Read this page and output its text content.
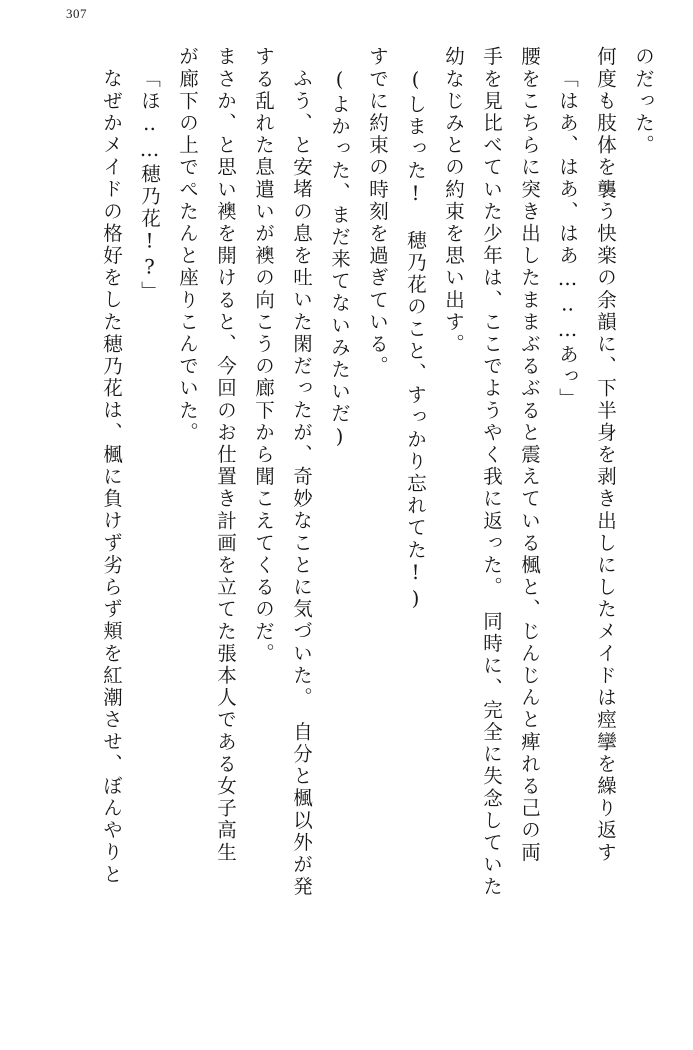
307
のだった。
何度も肢体を襲う快楽の余韻に、下半身を剥き出しにしたメイドは痙攣を繰り返す
「はあ、はあ、はあ…‥…あっ」
腰をこちらに突き出したままぶるぶると震えている楓と、じんじんと痺れる己の両
手を見比べていた少年は、ここでようやく我に返った。　同時に、完全に失念していた
幼なじみとの約束を思い出す。
(しまった!　穂乃花のこと、すっかり忘れてた!)
すでに約束の時刻を過ぎている。
(よかった、まだ来てないみたいだ)
ふう、と安堵の息を吐いた閑だったが、奇妙なことに気づいた。　自分と楓以外が発
する乱れた息遣いが襖の向こうの廊下から聞こえてくるのだ。
まさか、と思い襖を開けると、今回のお仕置き計画を立てた張本人である女子高生
が廊下の上でぺたんと座りこんでいた。
「ほ‥…穂乃花!?」
なぜかメイドの格好をした穂乃花は、楓に負けず劣らず頬を紅潮させ、ぼんやりと
